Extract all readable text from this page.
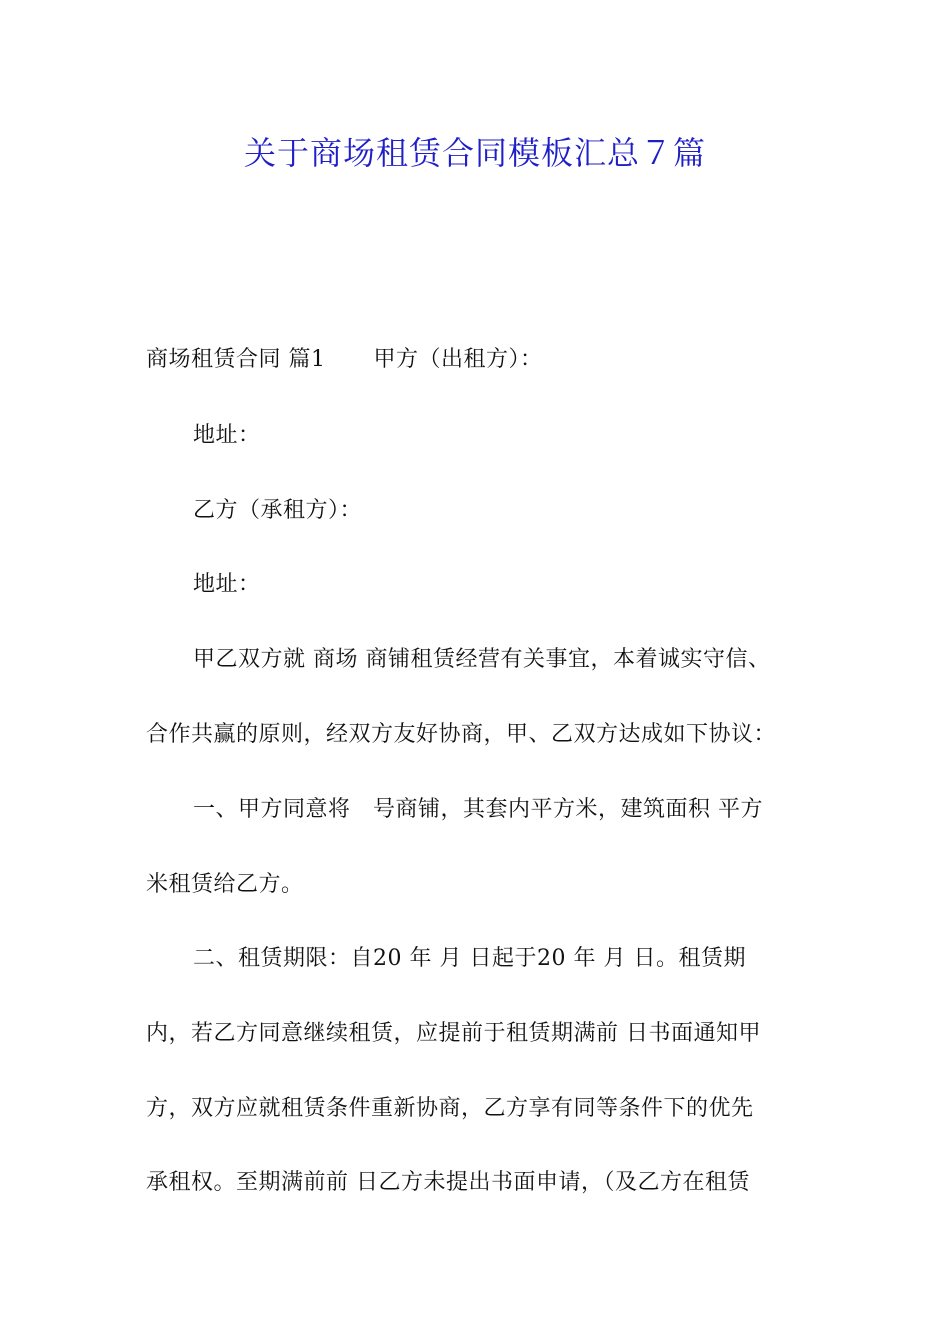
关于商场租赁合同模板汇总７篇
商场租赁合同 篇1 甲方（出租方）：
地址：
乙方（承租方）：
地址：
甲乙双方就 商场 商铺租赁经营有关事宜，本着诚实守信、
合作共赢的原则，经双方友好协商，甲、乙双方达成如下协议：
一、甲方同意将   号商铺，其套内平方米，建筑面积 平方
米租赁给乙方。
二、租赁期限：自20 年 月 日起于20 年 月 日。租赁期
内，若乙方同意继续租赁，应提前于租赁期满前 日书面通知甲
方，双方应就租赁条件重新协商，乙方享有同等条件下的优先
承租权。至期满前前 日乙方未提出书面申请，（及乙方在租赁
